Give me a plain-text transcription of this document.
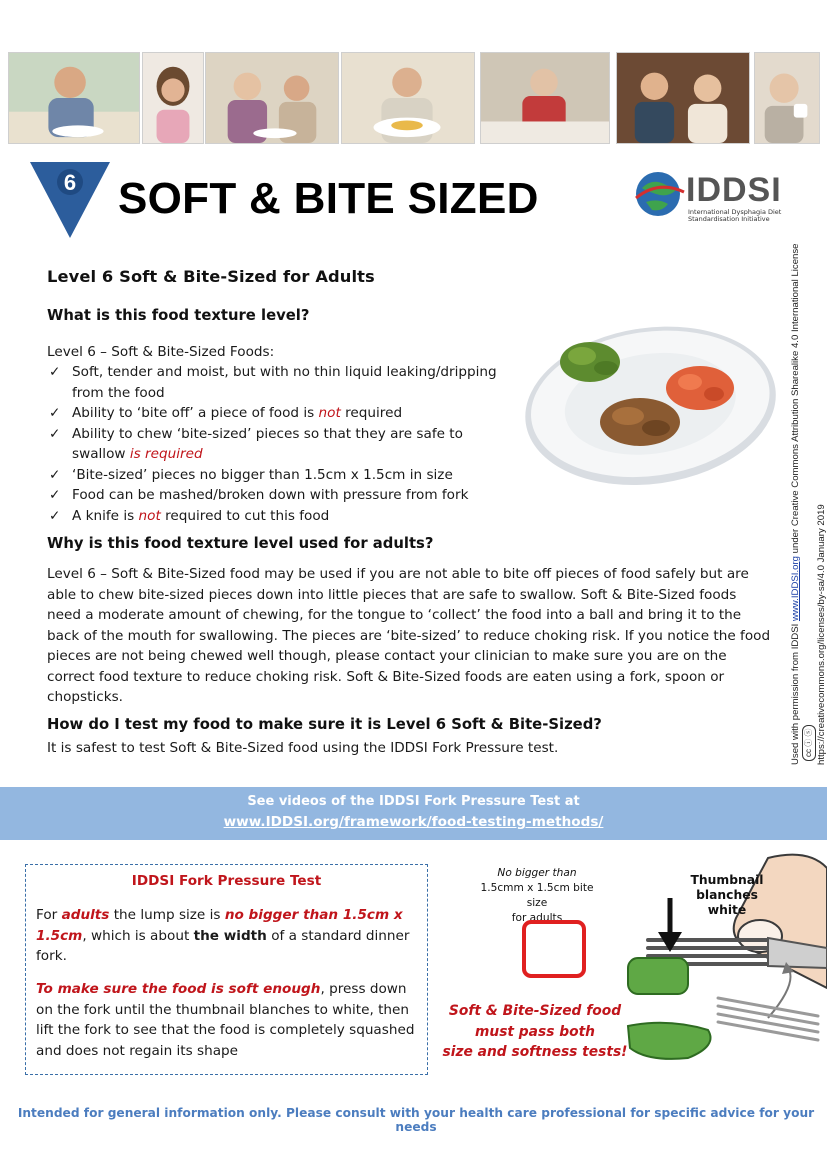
6 SOFT & BITE SIZED	IDDSI
International Dysphagia Diet Standardisation Initiative
Used with permission from IDDSI www.IDDSI.org under Creative Commons Attribution Sharealike 4.0 International License cc ⓘ ⓢ https://creativecommons.org/licenses/by-sa/4.0 January 2019
Level 6 Soft & Bite-Sized for Adults
What is this food texture level?
Level 6 – Soft & Bite-Sized Foods:
✓ Soft, tender and moist, but with no thin liquid leaking/dripping from the food
✓ Ability to ‘bite off’ a piece of food is not required
✓ Ability to chew ‘bite-sized’ pieces so that they are safe to swallow is required
✓ ‘Bite-sized’ pieces no bigger than 1.5cm x 1.5cm in size
✓ Food can be mashed/broken down with pressure from fork
✓ A knife is not required to cut this food
Why is this food texture level used for adults?
Level 6 – Soft & Bite-Sized food may be used if you are not able to bite off pieces of food safely but are able to chew bite-sized pieces down into little pieces that are safe to swallow. Soft & Bite-Sized foods need a moderate amount of chewing, for the tongue to ‘collect’ the food into a ball and bring it to the back of the mouth for swallowing. The pieces are ‘bite-sized’ to reduce choking risk. If you notice the food pieces are not being chewed well though, please contact your clinician to make sure you are on the correct food texture to reduce choking risk. Soft & Bite-Sized foods are eaten using a fork, spoon or chopsticks.
How do I test my food to make sure it is Level 6 Soft & Bite-Sized?
It is safest to test Soft & Bite-Sized food using the IDDSI Fork Pressure test.
See videos of the IDDSI Fork Pressure Test at
www.IDDSI.org/framework/food-testing-methods/
IDDSI Fork Pressure Test
For adults the lump size is no bigger than 1.5cm x 1.5cm, which is about the width of a standard dinner fork.
To make sure the food is soft enough, press down on the fork until the thumbnail blanches to white, then lift the fork to see that the food is completely squashed and does not regain its shape
No bigger than
1.5cmm x 1.5cm bite size
for adults
Soft & Bite-Sized food
must pass both
size and softness tests!
Thumbnail
blanches
white
Intended for general information only. Please consult with your health care professional for specific advice for your needs
